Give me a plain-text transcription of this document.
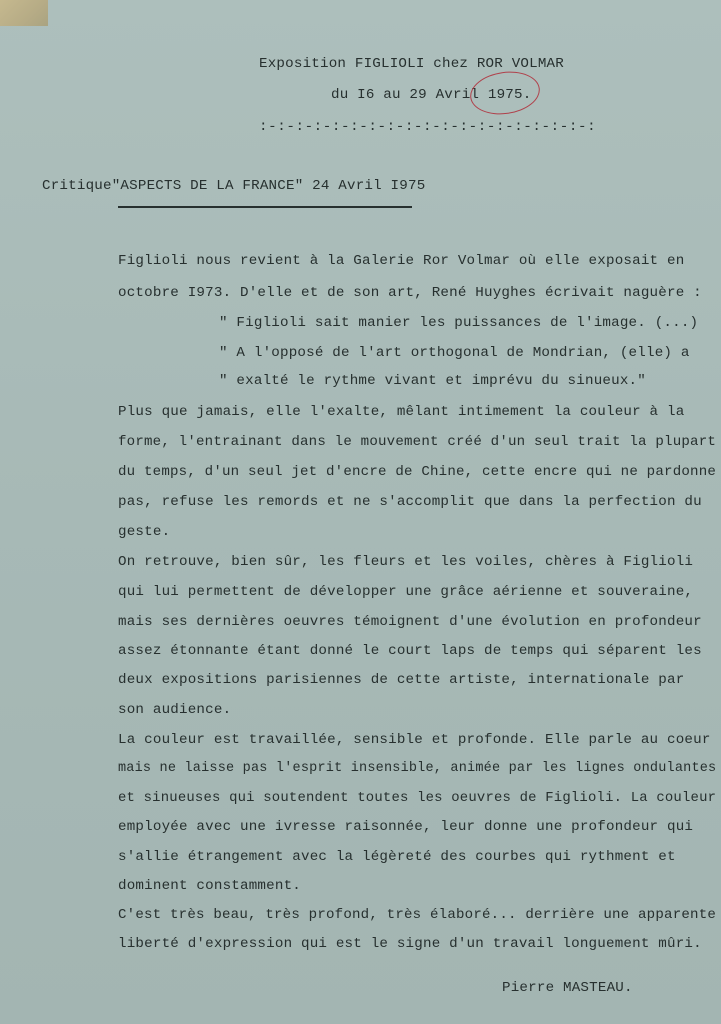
Exposition FIGLIOLI chez ROR VOLMAR
du I6 au 29 Avril 1975.
:-:-:-:-:-:-:-:-:-:-:-:-:-:-:-:-:-:-:
Critique"ASPECTS DE LA FRANCE" 24 Avril I975
Figlioli nous revient à la Galerie Ror Volmar où elle exposait en
octobre I973. D'elle et de son art, René Huyghes écrivait naguère :
" Figlioli sait manier les puissances de l'image. (...)
" A l'opposé de l'art orthogonal de Mondrian, (elle) a
" exalté le rythme vivant et imprévu du sinueux."
Plus que jamais, elle l'exalte, mêlant intimement la couleur à la
forme, l'entrainant dans le mouvement créé d'un seul trait la plupart
du temps, d'un seul jet d'encre de Chine, cette encre qui ne pardonne
pas, refuse les remords et ne s'accomplit que dans la perfection du
geste.
On retrouve, bien sûr, les fleurs et les voiles, chères à Figlioli
qui lui permettent de développer une grâce aérienne et souveraine,
mais ses dernières oeuvres témoignent d'une évolution en profondeur
assez étonnante étant donné le court laps de temps qui séparent les
deux expositions parisiennes de cette artiste, internationale par
son audience.
La couleur est travaillée, sensible et profonde. Elle parle au coeur
mais ne laisse pas l'esprit insensible, animée par les lignes ondulantes
et sinueuses qui soutendent toutes les oeuvres de Figlioli. La couleur
employée avec une ivresse raisonnée, leur donne une profondeur qui
s'allie étrangement avec la légèreté des courbes qui rythment et
dominent constamment.
C'est très beau, très profond, très élaboré... derrière une apparente
liberté d'expression qui est le signe d'un travail longuement mûri.
Pierre MASTEAU.
